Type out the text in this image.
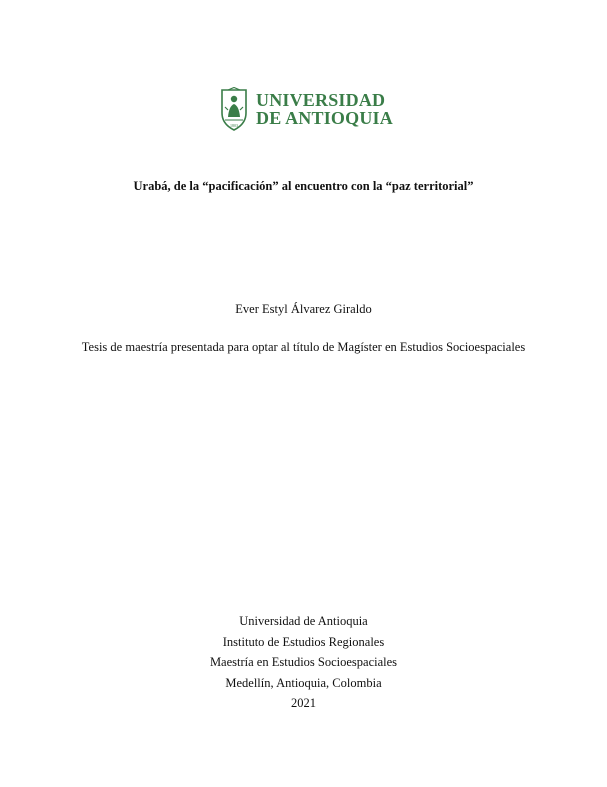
1803
UNIVERSIDAD
DE ANTIOQUIA
Urabá, de la “pacificación” al encuentro con la “paz territorial”
Ever Estyl Álvarez Giraldo
Tesis de maestría presentada para optar al título de Magíster en Estudios Socioespaciales
Universidad de Antioquia
Instituto de Estudios Regionales
Maestría en Estudios Socioespaciales
Medellín, Antioquia, Colombia
2021
